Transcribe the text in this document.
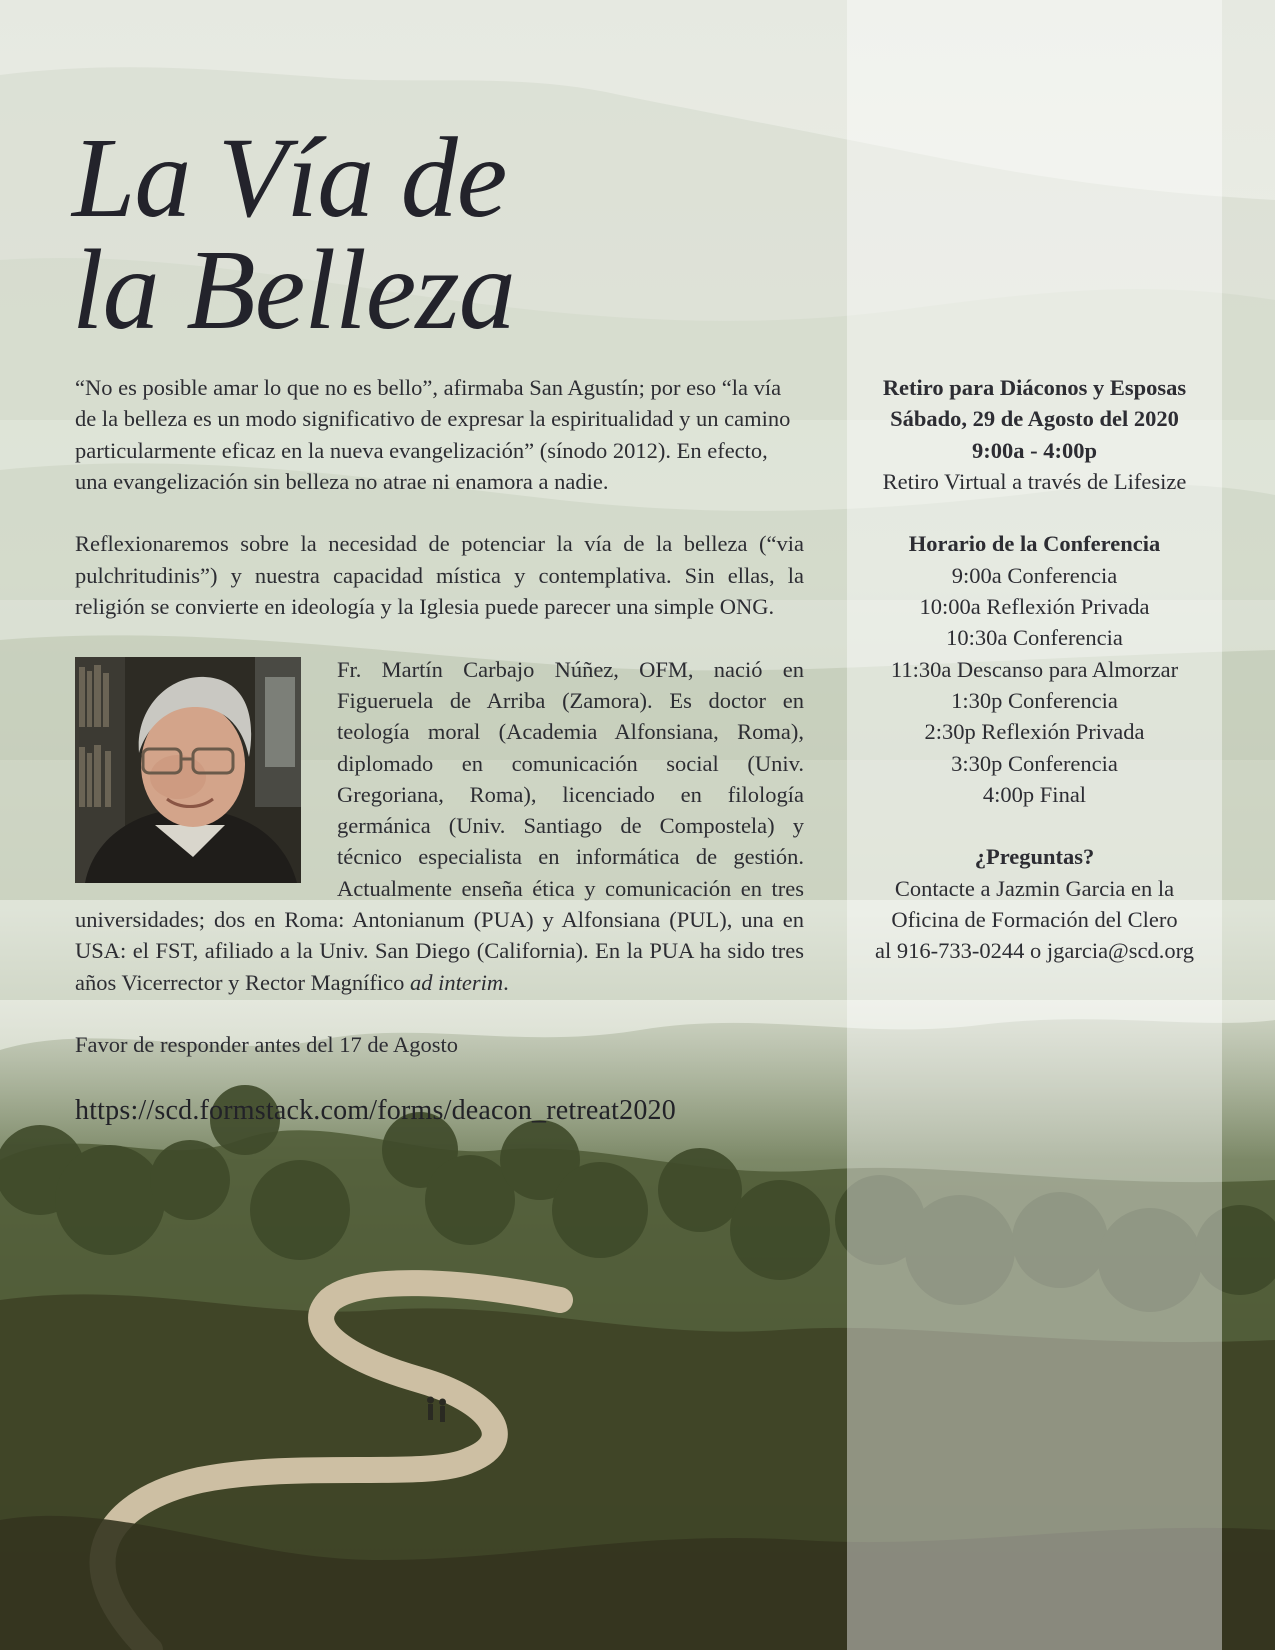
La Vía de
la Belleza

“No es posible amar lo que no es bello”, afirmaba San Agustín; por eso “la vía de la belleza es un modo significativo de expresar la espiritualidad y un camino particularmente eficaz en la nueva evangelización” (sínodo 2012). En efecto, una evangelización sin belleza no atrae ni enamora a nadie.

Reflexionaremos sobre la necesidad de potenciar la vía de la belleza (“via pulchritudinis”) y nuestra capacidad mística y contemplativa. Sin ellas, la religión se convierte en ideología y la Iglesia puede parecer una simple ONG.

Fr. Martín Carbajo Núñez, OFM, nació en Figueruela de Arriba (Zamora). Es doctor en teología moral (Academia Alfonsiana, Roma), diplomado en comunicación social (Univ. Gregoriana, Roma), licenciado en filología germánica (Univ. Santiago de Compostela) y técnico especialista en informática de gestión. Actualmente enseña ética y comunicación en tres universidades; dos en Roma: Antonianum (PUA) y Alfonsiana (PUL), una en USA: el FST, afiliado a la Univ. San Diego (California). En la PUA ha sido tres años Vicerrector y Rector Magnífico ad interim.

Favor de responder antes del 17 de Agosto

https://scd.formstack.com/forms/deacon_retreat2020

Retiro para Diáconos y Esposas
Sábado, 29 de Agosto del 2020
9:00a - 4:00p
Retiro Virtual a través de Lifesize
Horario de la Conferencia
9:00a Conferencia
10:00a Reflexión Privada
10:30a Conferencia
11:30a Descanso para Almorzar
1:30p Conferencia
2:30p Reflexión Privada
3:30p Conferencia
4:00p Final
¿Preguntas?
Contacte a Jazmin Garcia en la
Oficina de Formación del Clero
al 916-733-0244 o jgarcia@scd.org
